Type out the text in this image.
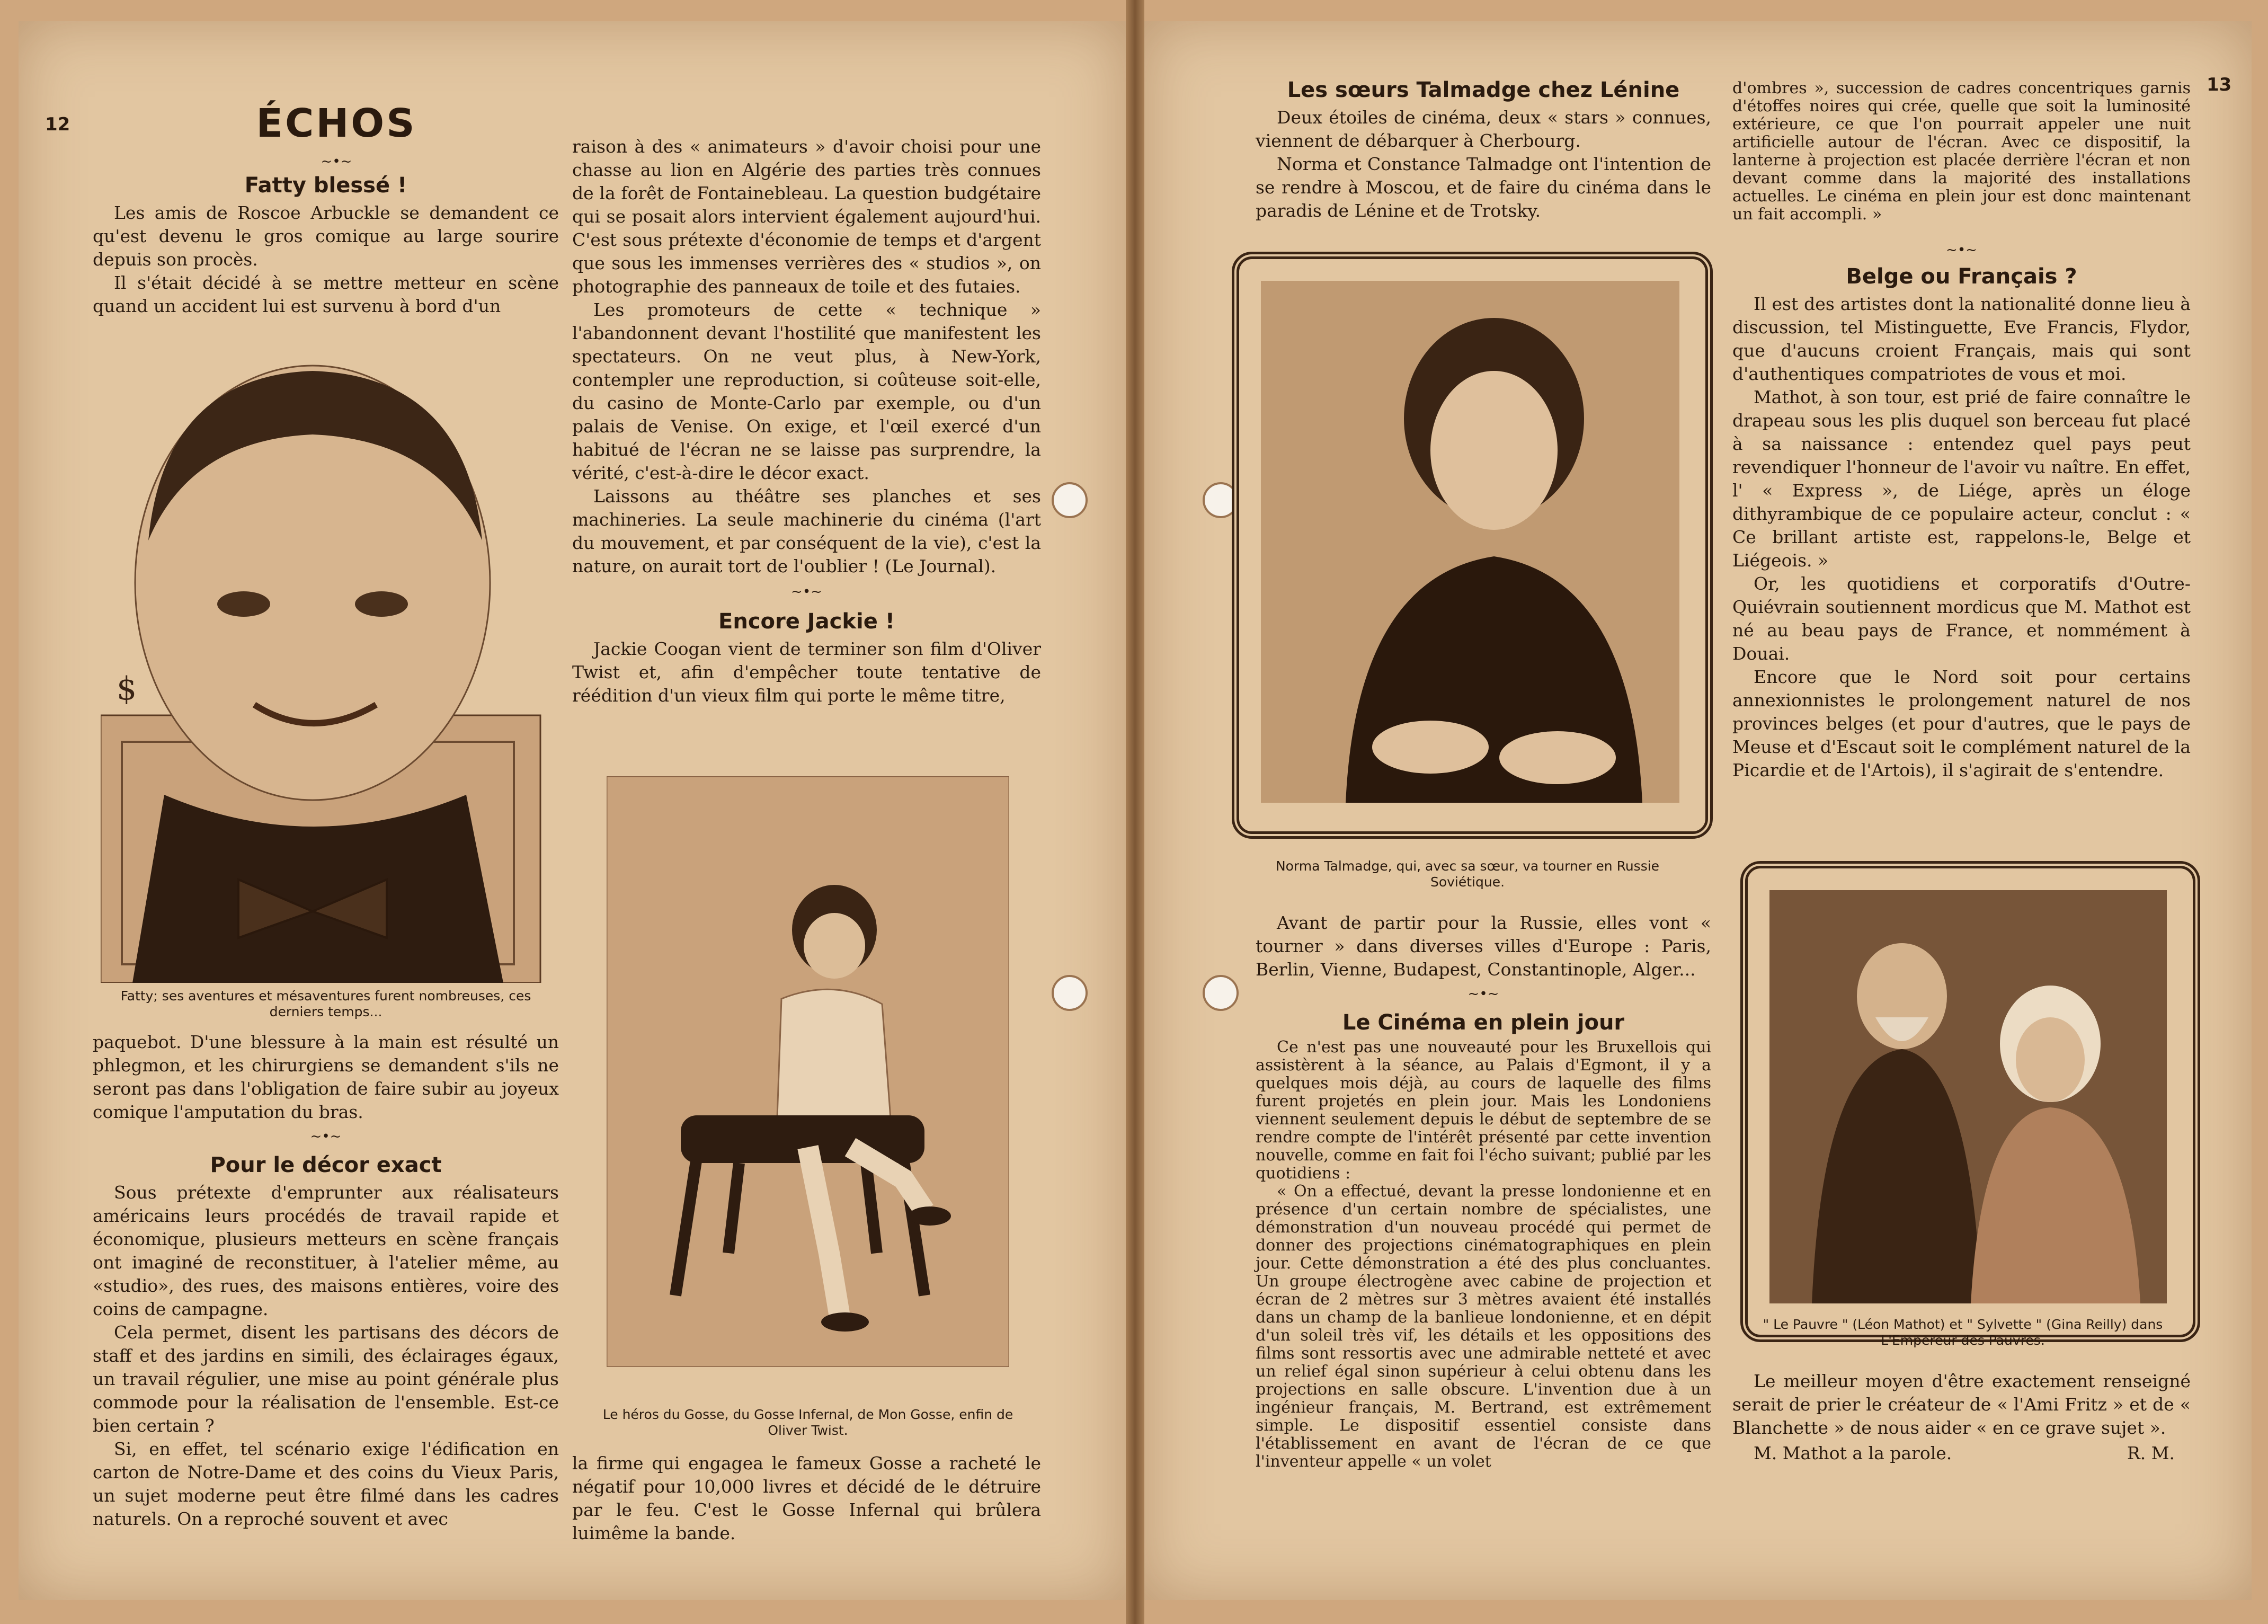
12	ÉCHOS
~•~
Fatty blessé !

Les amis de Roscoe Arbuckle se demandent ce qu'est devenu le gros comique au large sourire depuis son procès.

Il s'était décidé à se mettre metteur en scène quand un accident lui est survenu à bord d'un

$
Fatty; ses aventures et mésaventures furent nombreuses, ces derniers temps...

paquebot. D'une blessure à la main est résulté un phlegmon, et les chirurgiens se demandent s'ils ne seront pas dans l'obligation de faire subir au joyeux comique l'amputation du bras.

~•~
Pour le décor exact

Sous prétexte d'emprunter aux réalisateurs américains leurs procédés de travail rapide et économique, plusieurs metteurs en scène français ont imaginé de reconstituer, à l'atelier même, au «studio», des rues, des maisons entières, voire des coins de campagne.

Cela permet, disent les partisans des décors de staff et des jardins en simili, des éclairages égaux, un travail régulier, une mise au point générale plus commode pour la réalisation de l'ensemble. Est-ce bien certain ?

Si, en effet, tel scénario exige l'édification en carton de Notre-Dame et des coins du Vieux Paris, un sujet moderne peut être filmé dans les cadres naturels. On a reproché souvent et avec

raison à des « animateurs » d'avoir choisi pour une chasse au lion en Algérie des parties très connues de la forêt de Fontainebleau. La question budgétaire qui se posait alors intervient également aujourd'hui. C'est sous prétexte d'économie de temps et d'argent que sous les immenses verrières des « studios », on photographie des panneaux de toile et des futaies.

Les promoteurs de cette « technique » l'abandonnent devant l'hostilité que manifestent les spectateurs. On ne veut plus, à New-York, contempler une reproduction, si coûteuse soit-elle, du casino de Monte-Carlo par exemple, ou d'un palais de Venise. On exige, et l'œil exercé d'un habitué de l'écran ne se laisse pas surprendre, la vérité, c'est-à-dire le décor exact.

Laissons au théâtre ses planches et ses machineries. La seule machinerie du cinéma (l'art du mouvement, et par conséquent de la vie), c'est la nature, on aurait tort de l'oublier ! (Le Journal).

~•~
Encore Jackie !

Jackie Coogan vient de terminer son film d'Oliver Twist et, afin d'empêcher toute tentative de réédition d'un vieux film qui porte le même titre,

Le héros du Gosse, du Gosse Infernal, de Mon Gosse, enfin de Oliver Twist.

la firme qui engagea le fameux Gosse a racheté le négatif pour 10,000 livres et décidé de le détruire par le feu. C'est le Gosse Infernal qui brûlera luimême la bande.

13
Les sœurs Talmadge chez Lénine

Deux étoiles de cinéma, deux « stars » connues, viennent de débarquer à Cherbourg.

Norma et Constance Talmadge ont l'intention de se rendre à Moscou, et de faire du cinéma dans le paradis de Lénine et de Trotsky.

Norma Talmadge, qui, avec sa sœur, va tourner en Russie Soviétique.

Avant de partir pour la Russie, elles vont « tourner » dans diverses villes d'Europe : Paris, Berlin, Vienne, Budapest, Constantinople, Alger...

~•~
Le Cinéma en plein jour

Ce n'est pas une nouveauté pour les Bruxellois qui assistèrent à la séance, au Palais d'Egmont, il y a quelques mois déjà, au cours de laquelle des films furent projetés en plein jour. Mais les Londoniens viennent seulement depuis le début de septembre de se rendre compte de l'intérêt présenté par cette invention nouvelle, comme en fait foi l'écho suivant; publié par les quotidiens :

« On a effectué, devant la presse londonienne et en présence d'un certain nombre de spécialistes, une démonstration d'un nouveau procédé qui permet de donner des projections cinématographiques en plein jour. Cette démonstration a été des plus concluantes. Un groupe électrogène avec cabine de projection et écran de 2 mètres sur 3 mètres avaient été installés dans un champ de la banlieue londonienne, et en dépit d'un soleil très vif, les détails et les oppositions des films sont ressortis avec une admirable netteté et avec un relief égal sinon supérieur à celui obtenu dans les projections en salle obscure. L'invention due à un ingénieur français, M. Bertrand, est extrêmement simple. Le dispositif essentiel consiste dans l'établissement en avant de l'écran de ce que l'inventeur appelle « un volet

d'ombres », succession de cadres concentriques garnis d'étoffes noires qui crée, quelle que soit la luminosité extérieure, ce que l'on pourrait appeler une nuit artificielle autour de l'écran. Avec ce dispositif, la lanterne à projection est placée derrière l'écran et non devant comme dans la majorité des installations actuelles. Le cinéma en plein jour est donc maintenant un fait accompli. »

~•~
Belge ou Français ?

Il est des artistes dont la nationalité donne lieu à discussion, tel Mistinguette, Eve Francis, Flydor, que d'aucuns croient Français, mais qui sont d'authentiques compatriotes de vous et moi.

Mathot, à son tour, est prié de faire connaître le drapeau sous les plis duquel son berceau fut placé à sa naissance : entendez quel pays peut revendiquer l'honneur de l'avoir vu naître. En effet, l' « Express », de Liége, après un éloge dithyrambique de ce populaire acteur, conclut : « Ce brillant artiste est, rappelons-le, Belge et Liégeois. »

Or, les quotidiens et corporatifs d'Outre-Quiévrain soutiennent mordicus que M. Mathot est né au beau pays de France, et nommément à Douai.

Encore que le Nord soit pour certains annexionnistes le prolongement naturel de nos provinces belges (et pour d'autres, que le pays de Meuse et d'Escaut soit le complément naturel de la Picardie et de l'Artois), il s'agirait de s'entendre.

" Le Pauvre " (Léon Mathot) et " Sylvette " (Gina Reilly) dans L'Empereur des Pauvres.

Le meilleur moyen d'être exactement renseigné serait de prier le créateur de « l'Ami Fritz » et de « Blanchette » de nous aider « en ce grave sujet ».

M. Mathot a la parole.	R. M.
